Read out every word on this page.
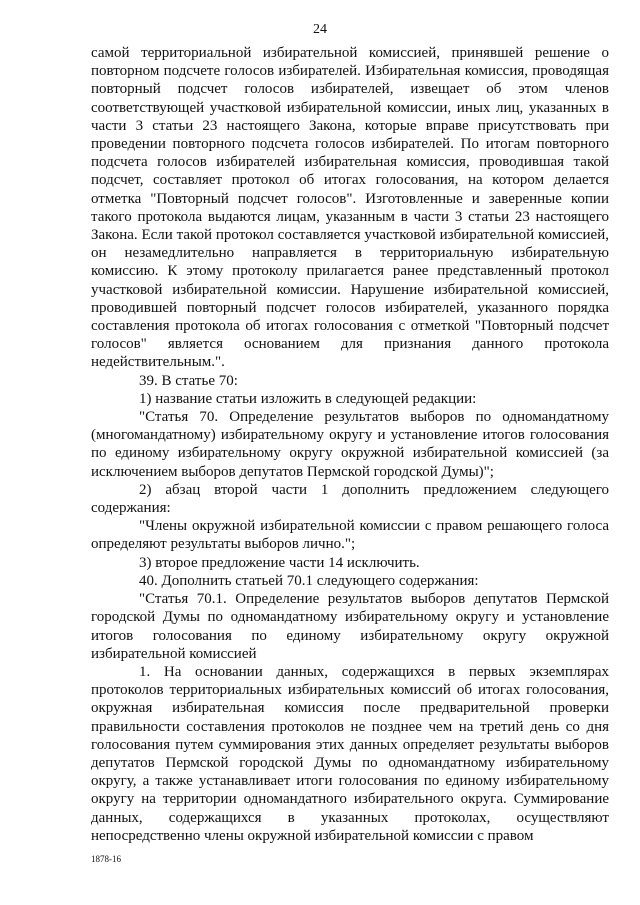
24

самой территориальной избирательной комиссией, принявшей решение о повторном подсчете голосов избирателей. Избирательная комиссия, проводящая повторный подсчет голосов избирателей, извещает об этом членов соответствующей участковой избирательной комиссии, иных лиц, указанных в части 3 статьи 23 настоящего Закона, которые вправе присутствовать при проведении повторного подсчета голосов избирателей. По итогам повторного подсчета голосов избирателей избирательная комиссия, проводившая такой подсчет, составляет протокол об итогах голосования, на котором делается отметка "Повторный подсчет голосов". Изготовленные и заверенные копии такого протокола выдаются лицам, указанным в части 3 статьи 23 настоящего Закона. Если такой протокол составляется участковой избирательной комиссией, он незамедлительно направляется в территориальную избирательную комиссию. К этому протоколу прилагается ранее представленный протокол участковой избирательной комиссии. Нарушение избирательной комиссией, проводившей повторный подсчет голосов избирателей, указанного порядка составления протокола об итогах голосования с отметкой "Повторный подсчет голосов" является основанием для признания данного протокола недействительным.".

39. В статье 70:

1) название статьи изложить в следующей редакции:

"Статья 70. Определение результатов выборов по одномандатному (многомандатному) избирательному округу и установление итогов голосования по единому избирательному округу окружной избирательной комиссией (за исключением выборов депутатов Пермской городской Думы)";

2) абзац второй части 1 дополнить предложением следующего содержания:

"Члены окружной избирательной комиссии с правом решающего голоса определяют результаты выборов лично.";

3) второе предложение части 14 исключить.

40. Дополнить статьей 70.1 следующего содержания:

"Статья 70.1. Определение результатов выборов депутатов Пермской городской Думы по одномандатному избирательному округу и установление итогов голосования по единому избирательному округу окружной избирательной комиссией

1. На основании данных, содержащихся в первых экземплярах протоколов территориальных избирательных комиссий об итогах голосования, окружная избирательная комиссия после предварительной проверки правильности составления протоколов не позднее чем на третий день со дня голосования путем суммирования этих данных определяет результаты выборов депутатов Пермской городской Думы по одномандатному избирательному округу, а также устанавливает итоги голосования по единому избирательному округу на территории одномандатного избирательного округа. Суммирование данных, содержащихся в указанных протоколах, осуществляют непосредственно члены окружной избирательной комиссии с правом

1878-16
